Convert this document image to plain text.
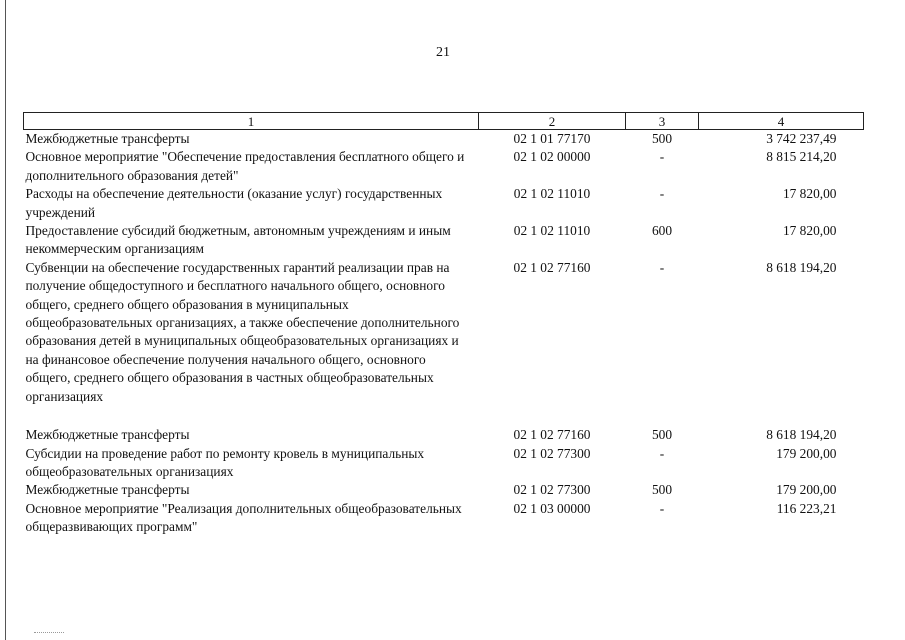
21
1	2	3	4
Межбюджетные трансферты	02 1 01 77170	500	3 742 237,49
Основное мероприятие "Обеспечение предоставления бесплатного общего и дополнительного образования детей"	02 1 02 00000	-	8 815 214,20
Расходы на обеспечение деятельности (оказание услуг) государственных учреждений	02 1 02 11010	-	17 820,00
Предоставление субсидий бюджетным, автономным учреждениям и иным некоммерческим организациям	02 1 02 11010	600	17 820,00
Субвенции на обеспечение государственных гарантий реализации прав на получение общедоступного и бесплатного начального общего, основного общего, среднего общего образования в муниципальных общеобразовательных организациях, а также обеспечение дополнительного образования детей в муниципальных общеобразовательных организациях и на финансовое обеспечение получения начального общего, основного общего, среднего общего образования в частных общеобразовательных организациях	02 1 02 77160	-	8 618 194,20

Межбюджетные трансферты	02 1 02 77160	500	8 618 194,20
Субсидии на проведение работ по ремонту кровель в муниципальных общеобразовательных организациях	02 1 02 77300	-	179 200,00
Межбюджетные трансферты	02 1 02 77300	500	179 200,00
Основное мероприятие "Реализация дополнительных общеобразовательных общеразвивающих программ"	02 1 03 00000	-	116 223,21
